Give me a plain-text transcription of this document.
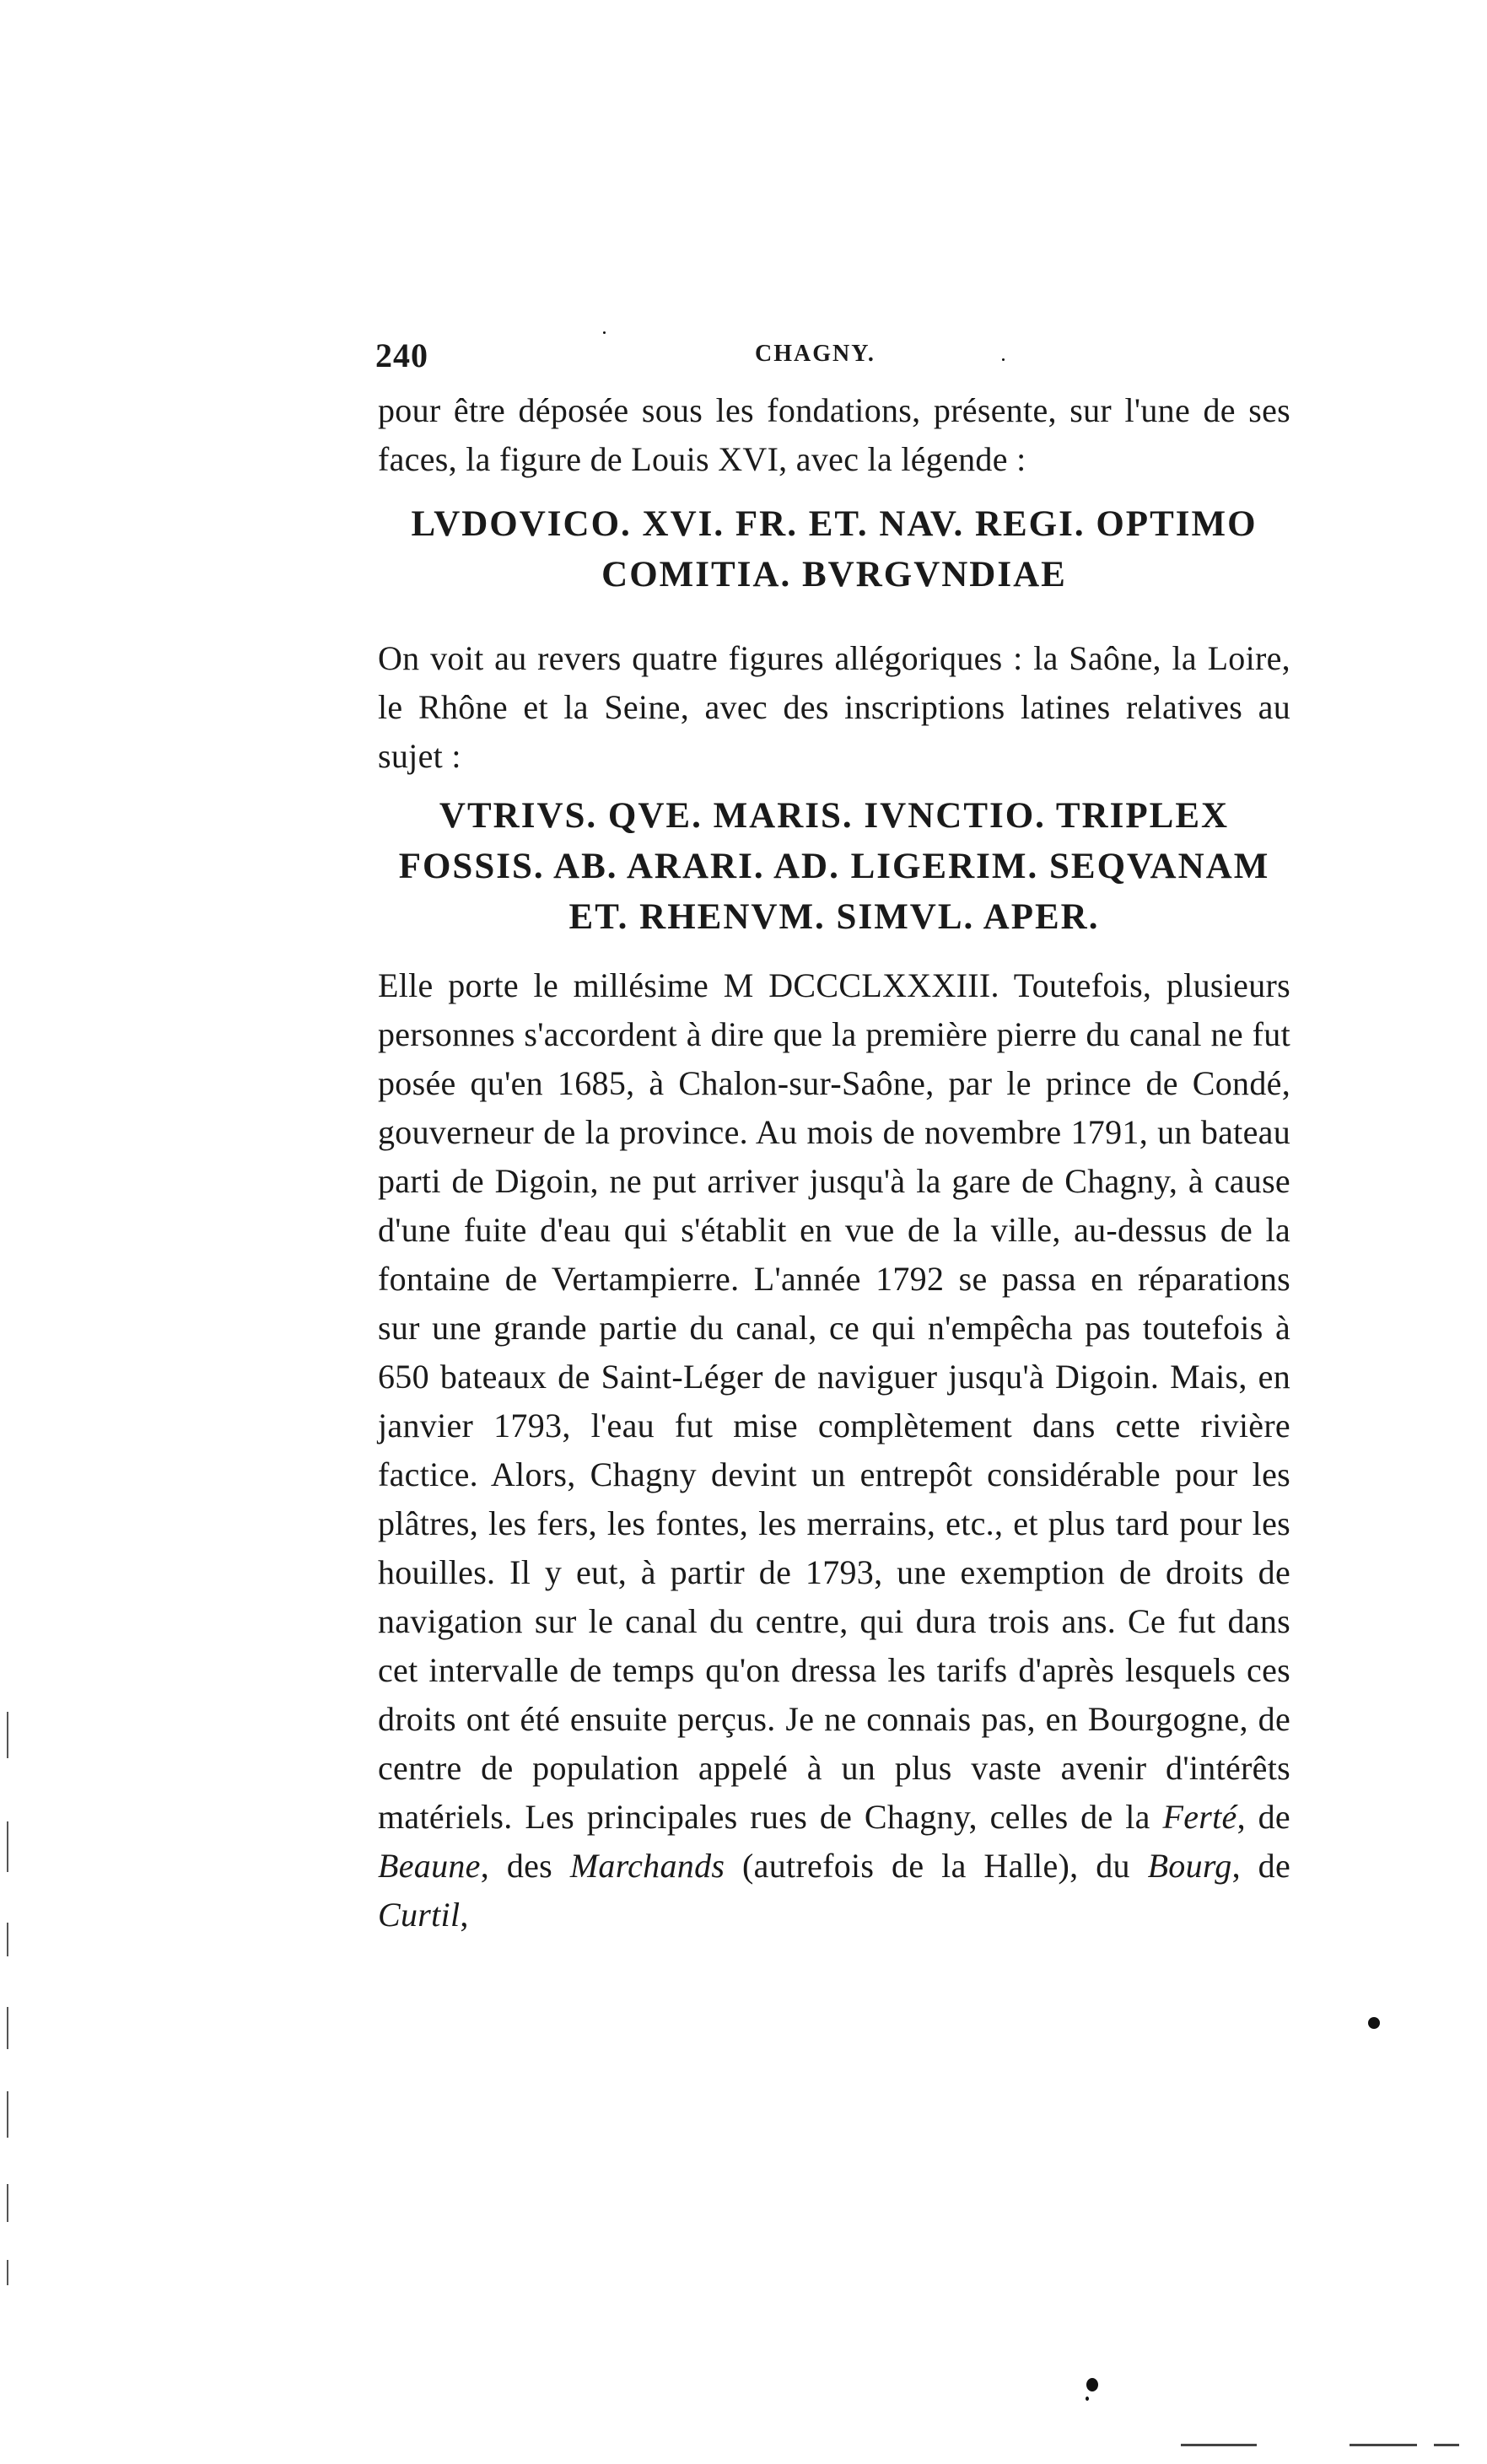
240	CHAGNY.

pour être déposée sous les fondations, présente, sur l'une de ses faces, la figure de Louis XVI, avec la légende :

LVDOVICO. XVI. FR. ET. NAV. REGI. OPTIMO
COMITIA. BVRGVNDIAE

On voit au revers quatre figures allégoriques : la Saône, la Loire, le Rhône et la Seine, avec des inscriptions latines relatives au sujet :

VTRIVS. QVE. MARIS. IVNCTIO. TRIPLEX
FOSSIS. AB. ARARI. AD. LIGERIM. SEQVANAM
ET. RHENVM. SIMVL. APER.

Elle porte le millésime M DCCCLXXXIII. Toutefois, plusieurs personnes s'accordent à dire que la première pierre du canal ne fut posée qu'en 1685, à Chalon-sur-Saône, par le prince de Condé, gouverneur de la province. Au mois de novembre 1791, un bateau parti de Digoin, ne put arriver jusqu'à la gare de Chagny, à cause d'une fuite d'eau qui s'établit en vue de la ville, au-dessus de la fontaine de Vertampierre. L'année 1792 se passa en réparations sur une grande partie du canal, ce qui n'empêcha pas toutefois à 650 bateaux de Saint-Léger de naviguer jusqu'à Digoin. Mais, en janvier 1793, l'eau fut mise complètement dans cette rivière factice. Alors, Chagny devint un entrepôt considérable pour les plâtres, les fers, les fontes, les merrains, etc., et plus tard pour les houilles. Il y eut, à partir de 1793, une exemption de droits de navigation sur le canal du centre, qui dura trois ans. Ce fut dans cet intervalle de temps qu'on dressa les tarifs d'après lesquels ces droits ont été ensuite perçus. Je ne connais pas, en Bourgogne, de centre de population appelé à un plus vaste avenir d'intérêts matériels. Les principales rues de Chagny, celles de la Ferté, de Beaune, des Marchands (autrefois de la Halle), du Bourg, de Curtil,
